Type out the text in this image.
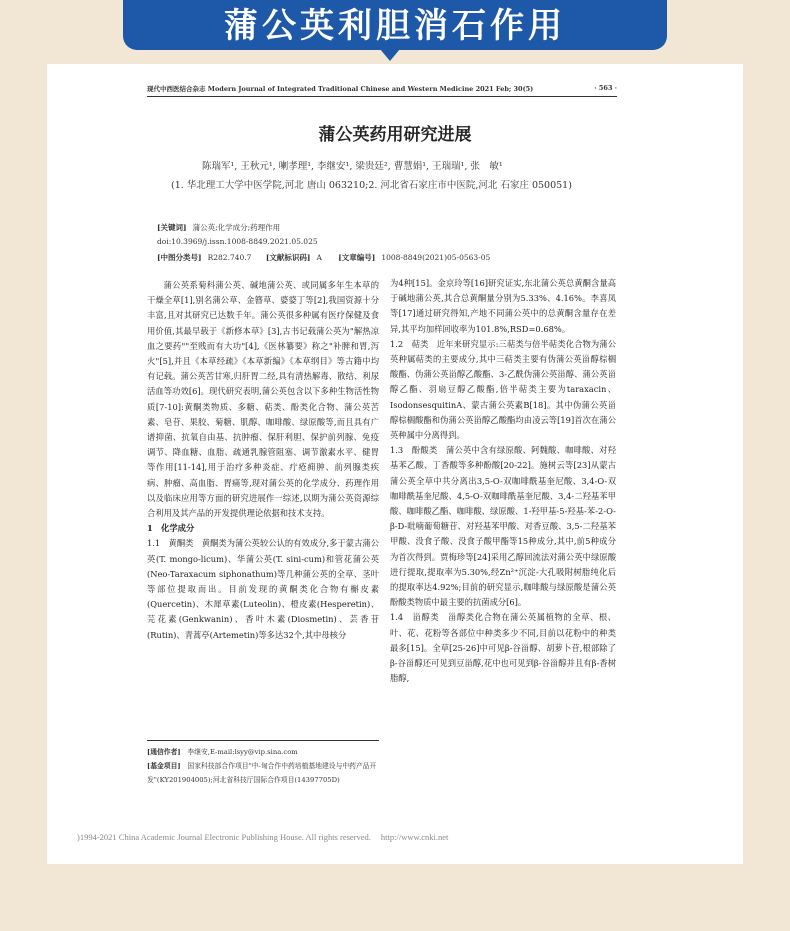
蒲公英利胆消石作用
现代中西医结合杂志 Modern Journal of Integrated Traditional Chinese and Western Medicine 2021 Feb; 30(5)	· 563 ·
蒲公英药用研究进展
陈瑞军¹, 王秋元¹, 喇孝理¹, 李继安¹, 梁贵廷², 曹慧娟¹, 王瑞瑞¹, 张　敏¹
(1. 华北理工大学中医学院,河北 唐山 063210;2. 河北省石家庄市中医院,河北 石家庄 050051)
[关键词] 蒲公英;化学成分;药理作用
doi:10.3969/j.issn.1008-8849.2021.05.025
[中图分类号] R282.740.7 [文献标识码] A [文章编号] 1008-8849(2021)05-0563-05

蒲公英系菊科蒲公英、碱地蒲公英、或同属多年生本草的干燥全草[1],别名蒲公草、金簪草、婆婆丁等[2],我国资源十分丰富,且对其研究已达数千年。蒲公英很多种属有医疗保健及食用价值,其最早载于《新修本草》[3],古书记载蒲公英为"解热凉血之要药""至贱而有大功"[4],《医林纂要》称之"补脾和胃,泻火"[5],并且《本草经疏》《本草新编》《本草纲目》等古籍中均有记载。蒲公英苦甘寒,归肝胃二经,具有清热解毒、散结、利尿活血等功效[6]。现代研究表明,蒲公英包含以下多种生物活性物质[7-10]:黄酮类物质、多糖、萜类、酚类化合物、蒲公英苦素、皂苷、果胶、菊糖、肌醇、咖啡酸、绿原酸等,而且具有广谱抑菌、抗氧自由基、抗肿瘤、保肝利胆、保护前列腺、免疫调节、降血糖、血脂、疏通乳腺管阻塞、调节激素水平、健胃等作用[11-14],用于治疗多种炎症、疔疮痈肿、前列腺类疾病、肿瘤、高血脂、胃痛等,现对蒲公英的化学成分、药理作用以及临床应用等方面的研究进展作一综述,以期为蒲公英资源综合利用及其产品的开发提供理论依据和技术支持。

1　化学成分

1.1　黄酮类　黄酮类为蒲公英较公认的有效成分,多于蒙古蒲公英(T. mongo-licum)、华蒲公英(T. sini-cum)和管花蒲公英(Neo-Taraxacum siphonathum)等几种蒲公英的全草、茎叶等部位提取而出。目前发现的黄酮类化合物有槲皮素(Quercetin)、木犀草素(Luteolin)、橙皮素(Hesperetin)、芫花素(Genkwanin)、香叶木素(Diosmetin)、芸香苷(Rutin)、青蒿亭(Artemetin)等多达32个,其中母核分

[通信作者]　 李继安,E-mail:lsyy@vip.sina.com
[基金项目]　 国家科技部合作项目"中-匈合作中药培植基地建设与中药产品开发"(KY201904005);河北省科技厅国际合作项目(14397705D)

为4种[15]。金京玲等[16]研究证实,东北蒲公英总黄酮含量高于碱地蒲公英,其合总黄酮量分别为5.33%、4.16%。李喜凤等[17]通过研究得知,产地不同蒲公英中的总黄酮含量存在差异,其平均加样回收率为101.8%,RSD=0.68%。

1.2　萜类　近年来研究显示:三萜类与倍半萜类化合物为蒲公英种属萜类的主要成分,其中三萜类主要有伪蒲公英甾醇棕榈酸酯、伪蒲公英甾醇乙酸酯、3-乙酰伪蒲公英甾醇、蒲公英甾醇乙酯、羽扇豆醇乙酸酯,倍半萜类主要为taraxacin、IsodonsesquitinA、蒙古蒲公英素B[18]。其中伪蒲公英甾醇棕榈酸酯和伪蒲公英甾醇乙酸酯均由凌云等[19]首次在蒲公英种属中分离得到。

1.3　酚酸类　蒲公英中含有绿原酸、阿魏酸、咖啡酸、对羟基苯乙酸、丁香酸等多种酚酸[20-22]。施树云等[23]从蒙古蒲公英全草中共分离出3,5-O-双咖啡酰基奎尼酸、3,4-O-双咖啡酰基奎尼酸、4,5-O-双咖啡酰基奎尼酸、3,4-二羟基苯甲酸、咖啡酸乙酯、咖啡酸、绿原酸、1-羟甲基-5-羟基-苯-2-O-β-D-吡喃葡萄糖苷、对羟基苯甲酸、对香豆酸、3,5-二羟基苯甲酸、没食子酸、没食子酸甲酯等15种成分,其中,前5种成分为首次得到。贾梅珍等[24]采用乙醇回流法对蒲公英中绿原酸进行提取,提取率为5.30%,经Zn²⁺沉淀-大孔吸附树脂纯化后的提取率达4.92%;目前的研究显示,咖啡酸与绿原酸是蒲公英酚酸类物质中最主要的抗菌成分[6]。

1.4　甾醇类　甾醇类化合物在蒲公英属植物的全草、根、叶、花、花粉等各部位中种类多少不同,目前以花粉中的种类最多[15]。全草[25-26]中可见β-谷甾醇、胡萝卜苷,根部除了β-谷甾醇还可见到豆甾醇,花中也可见到β-谷甾醇并且有β-香树脂醇,

)1994-2021 China Academic Journal Electronic Publishing House. All rights reserved. http://www.cnki.net
